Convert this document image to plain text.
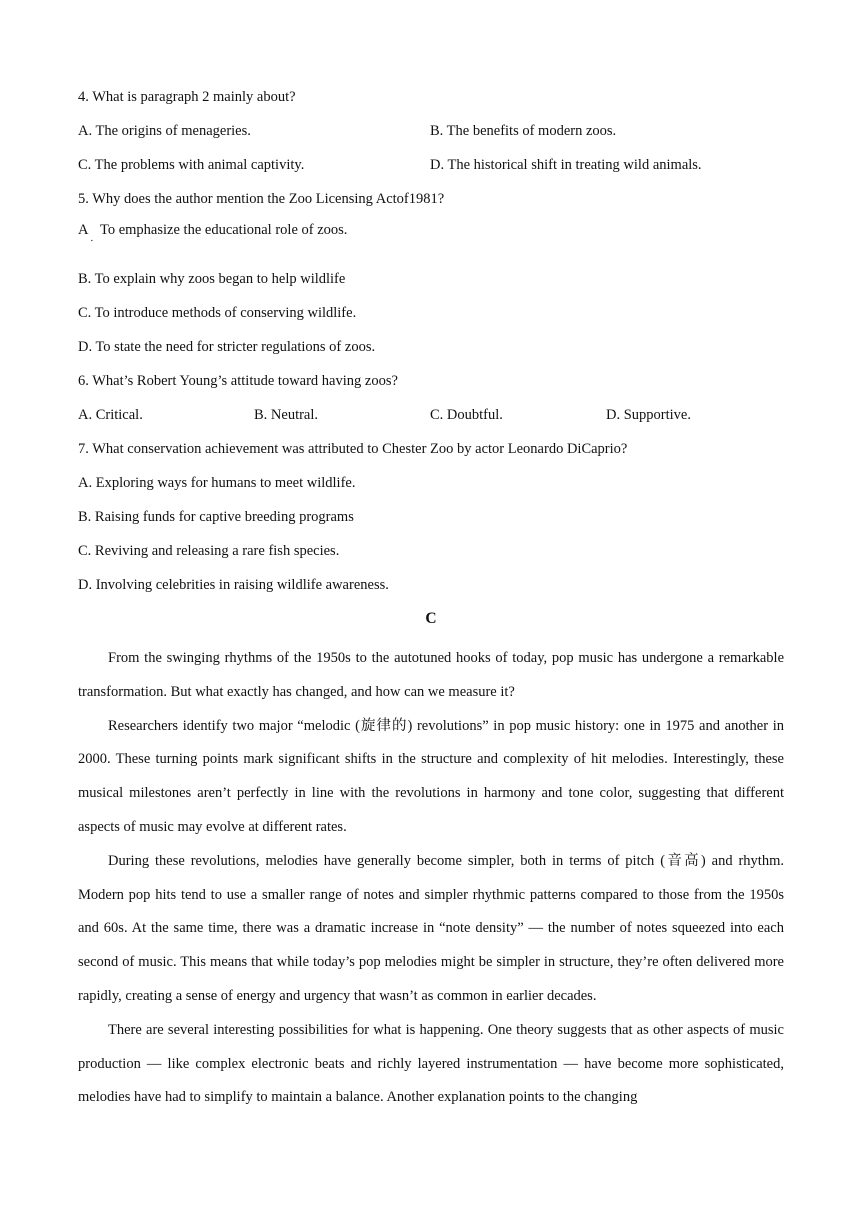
4. What is paragraph 2 mainly about?
A. The origins of menageries.	B. The benefits of modern zoos.
C. The problems with animal captivity.	D. The historical shift in treating wild animals.
5. Why does the author mention the Zoo Licensing Actof1981?
A
·
To emphasize the educational role of zoos.
B. To explain why zoos began to help wildlife
C. To introduce methods of conserving wildlife.
D. To state the need for stricter regulations of zoos.
6. What’s Robert Young’s attitude toward having zoos?
A. Critical.	B. Neutral.	C. Doubtful.	D. Supportive.
7. What conservation achievement was attributed to Chester Zoo by actor Leonardo DiCaprio?
A. Exploring ways for humans to meet wildlife.
B. Raising funds for captive breeding programs
C. Reviving and releasing a rare fish species.
D. Involving celebrities in raising wildlife awareness.
C

From the swinging rhythms of the 1950s to the autotuned hooks of today, pop music has undergone a remarkable transformation. But what exactly has changed, and how can we measure it?

Researchers identify two major “melodic (旋律的) revolutions” in pop music history: one in 1975 and another in 2000. These turning points mark significant shifts in the structure and complexity of hit melodies. Interestingly, these musical milestones aren’t perfectly in line with the revolutions in harmony and tone color, suggesting that different aspects of music may evolve at different rates.

During these revolutions, melodies have generally become simpler, both in terms of pitch (音高) and rhythm. Modern pop hits tend to use a smaller range of notes and simpler rhythmic patterns compared to those from the 1950s and 60s. At the same time, there was a dramatic increase in “note density” — the number of notes squeezed into each second of music. This means that while today’s pop melodies might be simpler in structure, they’re often delivered more rapidly, creating a sense of energy and urgency that wasn’t as common in earlier decades.

There are several interesting possibilities for what is happening. One theory suggests that as other aspects of music production — like complex electronic beats and richly layered instrumentation — have become more sophisticated, melodies have had to simplify to maintain a balance. Another explanation points to the changing
